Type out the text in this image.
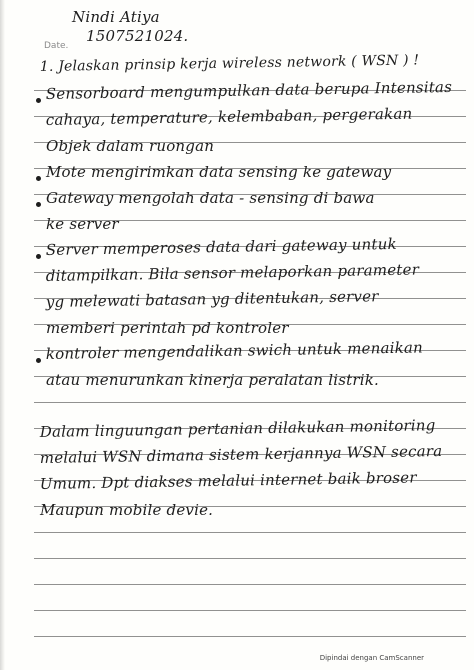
Nindi Atiya
1507521024.
Date.
1. Jelaskan prinsip kerja wireless network ( WSN ) !
Sensorboard mengumpulkan data berupa Intensitas
cahaya, temperature, kelembaban, pergerakan
Objek dalam ruongan
Mote mengirimkan data sensing ke gateway
Gateway mengolah data - sensing di bawa
ke server
Server memperoses data dari gateway untuk
ditampilkan. Bila sensor melaporkan parameter
yg melewati batasan yg ditentukan, server
memberi perintah pd kontroler
kontroler mengendalikan swich untuk menaikan
atau menurunkan kinerja peralatan listrik.
Dalam linguungan pertanian dilakukan monitoring
melalui WSN dimana sistem kerjannya WSN secara
Umum. Dpt diakses melalui internet baik broser
Maupun mobile devie.
Dipindai dengan CamScanner
